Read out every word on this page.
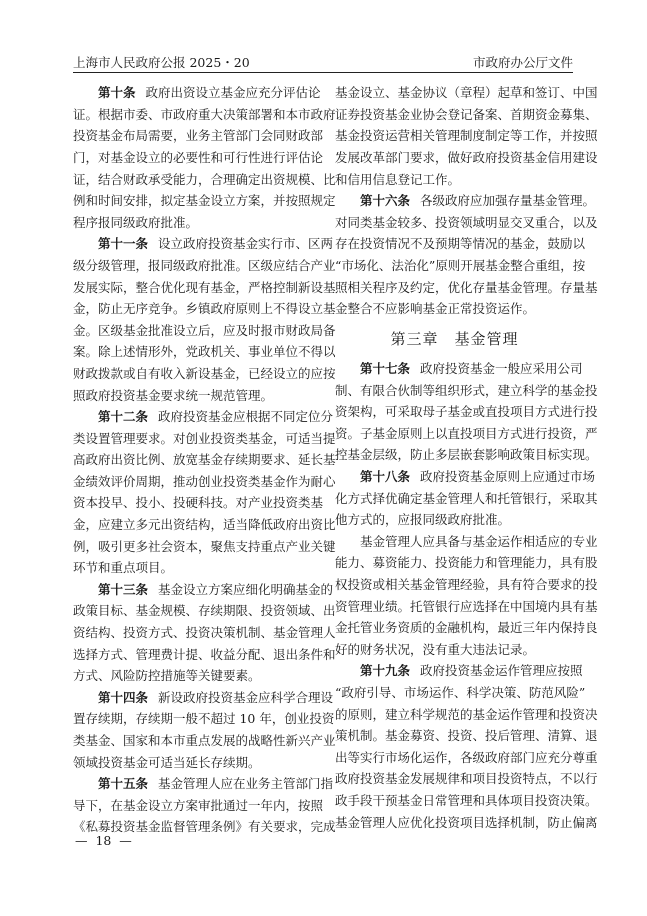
上海市人民政府公报 2025・20	市政府办公厅文件
第十条 政府出资设立基金应充分评估论
证。根据市委、市政府重大决策部署和本市政府
投资基金布局需要，业务主管部门会同财政部
门，对基金设立的必要性和可行性进行评估论
证，结合财政承受能力，合理确定出资规模、比
例和时间安排，拟定基金设立方案，并按照规定
程序报同级政府批准。
第十一条 设立政府投资基金实行市、区两
级分级管理，报同级政府批准。区级应结合产业
发展实际，整合优化现有基金，严格控制新设基
金，防止无序竞争。乡镇政府原则上不得设立基
金。区级基金批准设立后，应及时报市财政局备
案。除上述情形外，党政机关、事业单位不得以
财政拨款或自有收入新设基金，已经设立的应按
照政府投资基金要求统一规范管理。
第十二条 政府投资基金应根据不同定位分
类设置管理要求。对创业投资类基金，可适当提
高政府出资比例、放宽基金存续期要求、延长基
金绩效评价周期，推动创业投资类基金作为耐心
资本投早、投小、投硬科技。对产业投资类基
金，应建立多元出资结构，适当降低政府出资比
例，吸引更多社会资本，聚焦支持重点产业关键
环节和重点项目。
第十三条 基金设立方案应细化明确基金的
政策目标、基金规模、存续期限、投资领域、出
资结构、投资方式、投资决策机制、基金管理人
选择方式、管理费计提、收益分配、退出条件和
方式、风险防控措施等关键要素。
第十四条 新设政府投资基金应科学合理设
置存续期，存续期一般不超过 10 年，创业投资
类基金、国家和本市重点发展的战略性新兴产业
领域投资基金可适当延长存续期。
第十五条 基金管理人应在业务主管部门指
导下，在基金设立方案审批通过一年内，按照
《私募投资基金监督管理条例》有关要求，完成
基金设立、基金协议（章程）起草和签订、中国
证券投资基金业协会登记备案、首期资金募集、
基金投资运营相关管理制度制定等工作，并按照
发展改革部门要求，做好政府投资基金信用建设
和信用信息登记工作。
第十六条 各级政府应加强存量基金管理。
对同类基金较多、投资领域明显交叉重合，以及
存在投资情况不及预期等情况的基金，鼓励以
“市场化、法治化”原则开展基金整合重组，按
照相关程序及约定，优化存量基金管理。存量基
金整合不应影响基金正常投资运作。
第三章　基金管理
第十七条 政府投资基金一般应采用公司
制、有限合伙制等组织形式，建立科学的基金投
资架构，可采取母子基金或直投项目方式进行投
资。子基金原则上以直投项目方式进行投资，严
控基金层级，防止多层嵌套影响政策目标实现。
第十八条 政府投资基金原则上应通过市场
化方式择优确定基金管理人和托管银行，采取其
他方式的，应报同级政府批准。
基金管理人应具备与基金运作相适应的专业
能力、募资能力、投资能力和管理能力，具有股
权投资或相关基金管理经验，具有符合要求的投
资管理业绩。托管银行应选择在中国境内具有基
金托管业务资质的金融机构，最近三年内保持良
好的财务状况，没有重大违法记录。
第十九条 政府投资基金运作管理应按照
“政府引导、市场运作、科学决策、防范风险”
的原则，建立科学规范的基金运作管理和投资决
策机制。基金募资、投资、投后管理、清算、退
出等实行市场化运作，各级政府部门应充分尊重
政府投资基金发展规律和项目投资特点，不以行
政手段干预基金日常管理和具体项目投资决策。
基金管理人应优化投资项目选择机制，防止偏离
—  18  —
